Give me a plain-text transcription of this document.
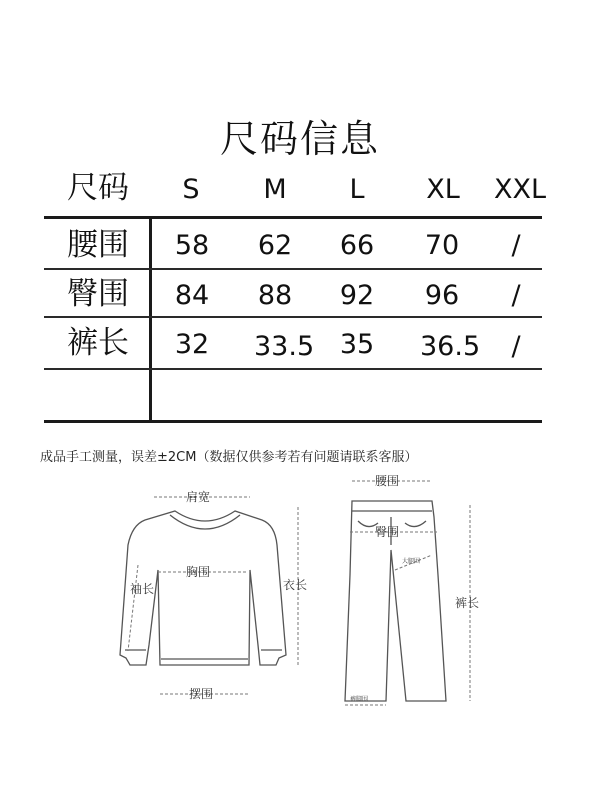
尺码信息
尺码	S	M	L	XL	XXL
腰围	58 62 66 70 /
臀围	84 88 92 96 /
裤长	32 33.5 35 36.5 /
成品手工测量，误差±2CM（数据仅供参考若有问题请联系客服）
肩宽
胸围
袖长	衣长
摆围
腰围
臀围
大腿围
裤脚围
裤长
